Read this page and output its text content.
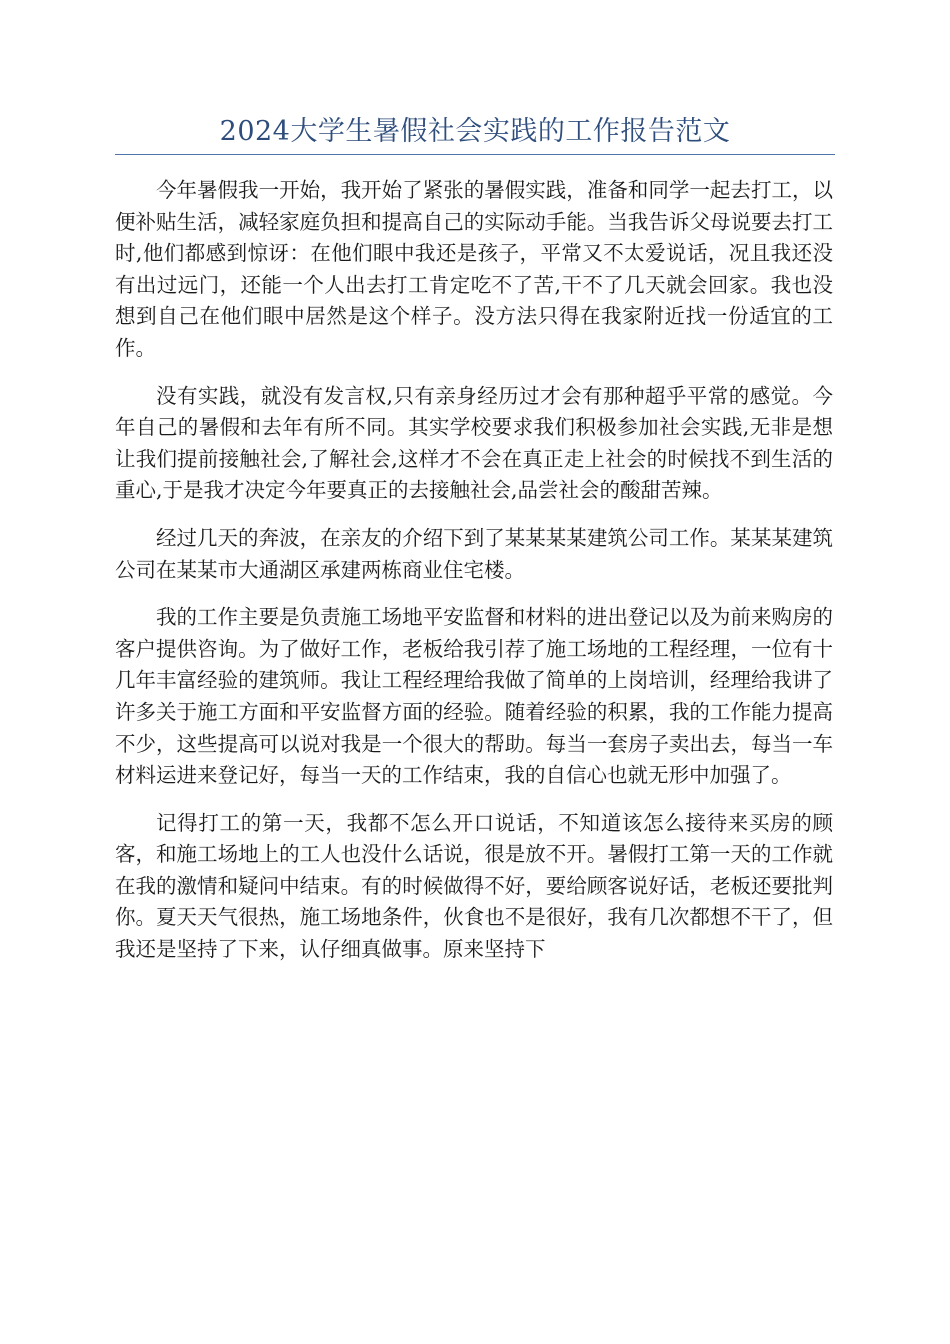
2024大学生暑假社会实践的工作报告范文

今年暑假我一开始，我开始了紧张的暑假实践，准备和同学一起去打工，以便补贴生活，减轻家庭负担和提高自己的实际动手能。当我告诉父母说要去打工时,他们都感到惊讶：在他们眼中我还是孩子，平常又不太爱说话，况且我还没有出过远门，还能一个人出去打工肯定吃不了苦,干不了几天就会回家。我也没想到自己在他们眼中居然是这个样子。没方法只得在我家附近找一份适宜的工作。

没有实践，就没有发言权,只有亲身经历过才会有那种超乎平常的感觉。今年自己的暑假和去年有所不同。其实学校要求我们积极参加社会实践,无非是想让我们提前接触社会,了解社会,这样才不会在真正走上社会的时候找不到生活的重心,于是我才决定今年要真正的去接触社会,品尝社会的酸甜苦辣。

经过几天的奔波，在亲友的介绍下到了某某某某建筑公司工作。某某某建筑公司在某某市大通湖区承建两栋商业住宅楼。

我的工作主要是负责施工场地平安监督和材料的进出登记以及为前来购房的客户提供咨询。为了做好工作，老板给我引荐了施工场地的工程经理，一位有十几年丰富经验的建筑师。我让工程经理给我做了简单的上岗培训，经理给我讲了许多关于施工方面和平安监督方面的经验。随着经验的积累，我的工作能力提高不少，这些提高可以说对我是一个很大的帮助。每当一套房子卖出去，每当一车材料运进来登记好，每当一天的工作结束，我的自信心也就无形中加强了。

记得打工的第一天，我都不怎么开口说话，不知道该怎么接待来买房的顾客，和施工场地上的工人也没什么话说，很是放不开。暑假打工第一天的工作就在我的激情和疑问中结束。有的时候做得不好，要给顾客说好话，老板还要批判你。夏天天气很热，施工场地条件，伙食也不是很好，我有几次都想不干了，但我还是坚持了下来，认仔细真做事。原来坚持下
